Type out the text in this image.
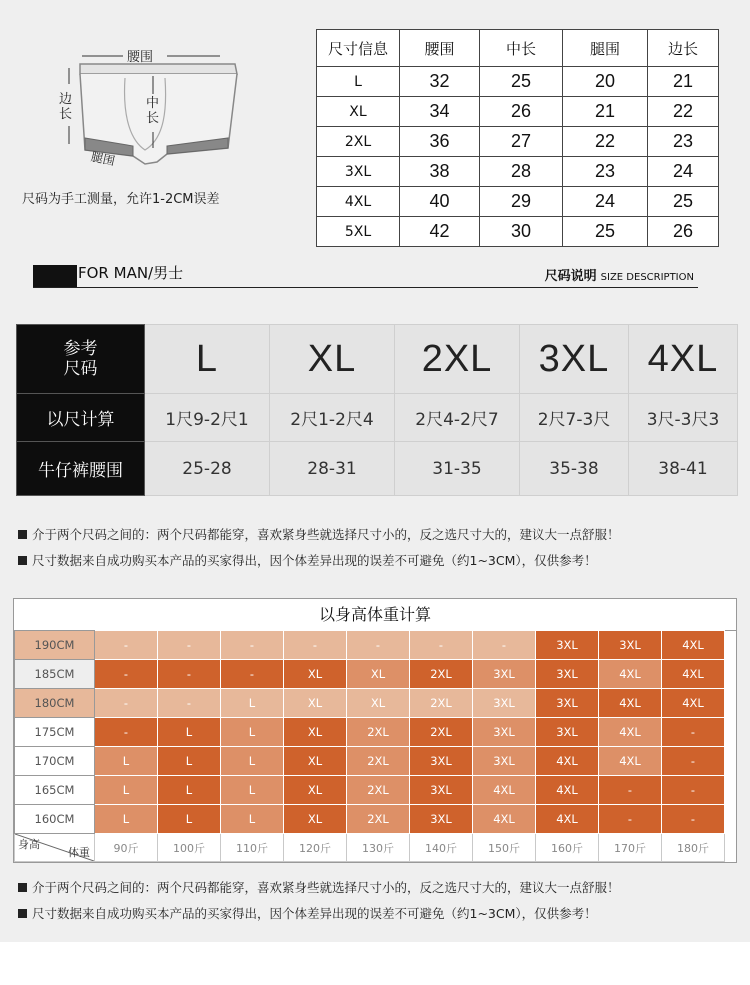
腰围
边长
中长
腿围
尺码为手工测量，允许1-2CM误差
尺寸信息	腰围	中长	腿围	边长
L	32	25	20	21
XL	34	26	21	22
2XL	36	27	22	23
3XL	38	28	23	24
4XL	40	29	24	25
5XL	42	30	25	26
FOR MAN/男士	尺码说明 SIZE DESCRIPTION
参考尺码	L	XL	2XL	3XL	4XL
以尺计算	1尺9-2尺1	2尺1-2尺4	2尺4-2尺7	2尺7-3尺	3尺-3尺3
牛仔裤腰围	25-28	28-31	31-35	35-38	38-41
介于两个尺码之间的：两个尺码都能穿，喜欢紧身些就选择尺寸小的，反之选尺寸大的，建议大一点舒服！
尺寸数据来自成功购买本产品的买家得出，因个体差异出现的误差不可避免（约1~3CM），仅供参考！
以身高体重计算
190CM	-	-	-	-	-	-	-	3XL	3XL	4XL
185CM	-	-	-	XL	XL	2XL	3XL	3XL	4XL	4XL
180CM	-	-	L	XL	XL	2XL	3XL	3XL	4XL	4XL
175CM	-	L	L	XL	2XL	2XL	3XL	3XL	4XL	-
170CM	L	L	L	XL	2XL	3XL	3XL	4XL	4XL	-
165CM	L	L	L	XL	2XL	3XL	4XL	4XL	-	-
160CM	L	L	L	XL	2XL	3XL	4XL	4XL	-	-

身高
体重	90斤	100斤	110斤	120斤	130斤	140斤	150斤	160斤	170斤	180斤
介于两个尺码之间的：两个尺码都能穿，喜欢紧身些就选择尺寸小的，反之选尺寸大的，建议大一点舒服！
尺寸数据来自成功购买本产品的买家得出，因个体差异出现的误差不可避免（约1~3CM），仅供参考！
